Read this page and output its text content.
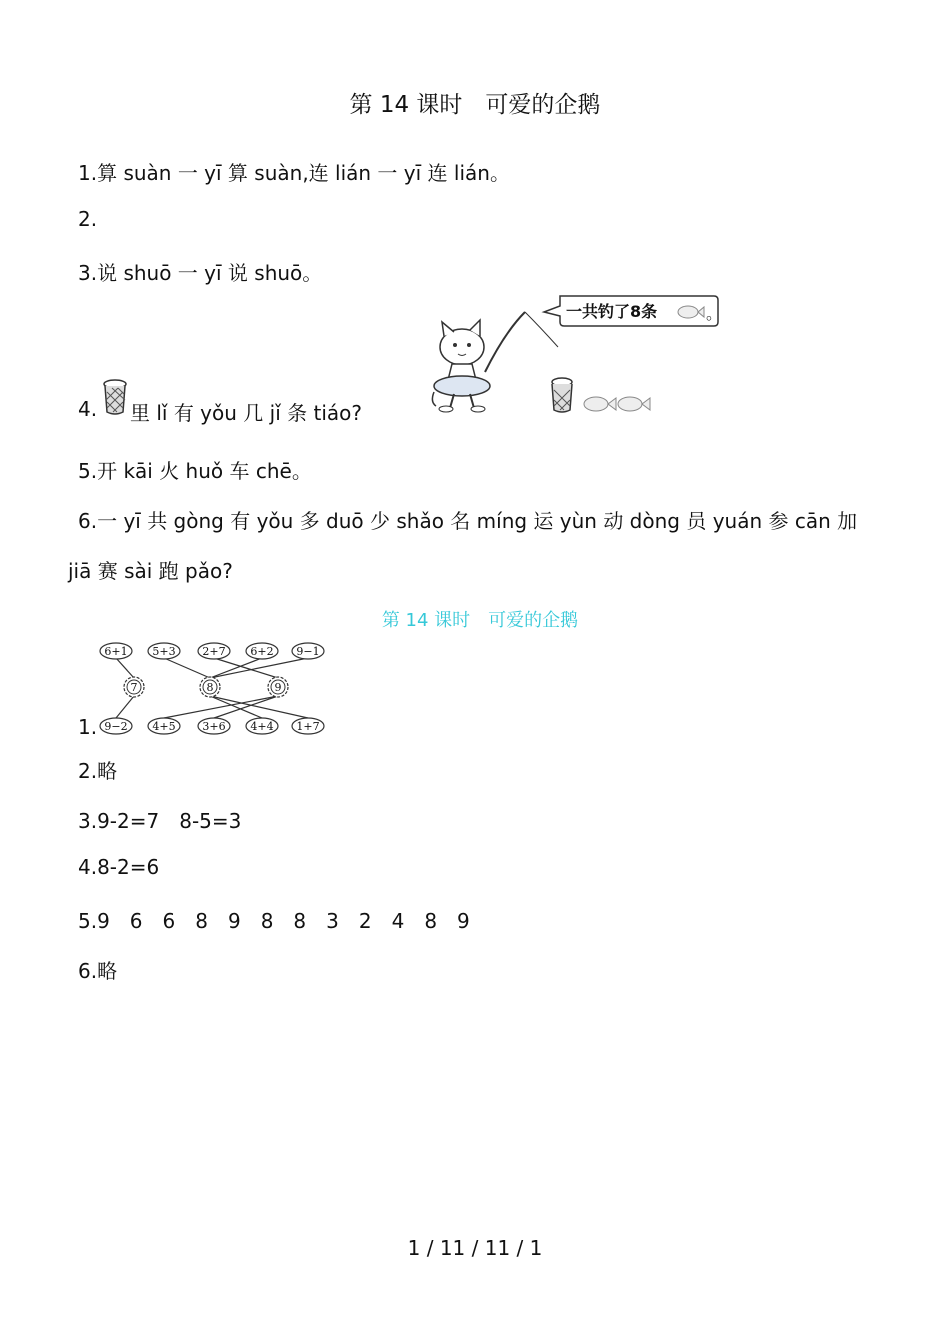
第 14 课时　可爱的企鹅
1.算 suàn 一 yī 算 suàn,连 lián 一 yī 连 lián。
2.
3.说 shuō 一 yī 说 shuō。
4. 里 lǐ 有 yǒu 几 jǐ 条 tiáo?
一共钓了8条	。
5.开 kāi 火 huǒ 车 chē。
6.一 yī 共 gòng 有 yǒu 多 duō 少 shǎo 名 míng 运 yùn 动 dòng 员 yuán 参 cān 加
jiā 赛 sài 跑 pǎo?
第 14 课时　可爱的企鹅
1.
6+1 5+3 2+7 6+2 9−1
7	8	9
9−2 4+5 3+6 4+4 1+7
2.略
3.9-2=7　8-5=3
4.8-2=6
5.9　6　6　8　9　8　8　3　2　4　8　9
6.略
1 / 11 / 11 / 1
